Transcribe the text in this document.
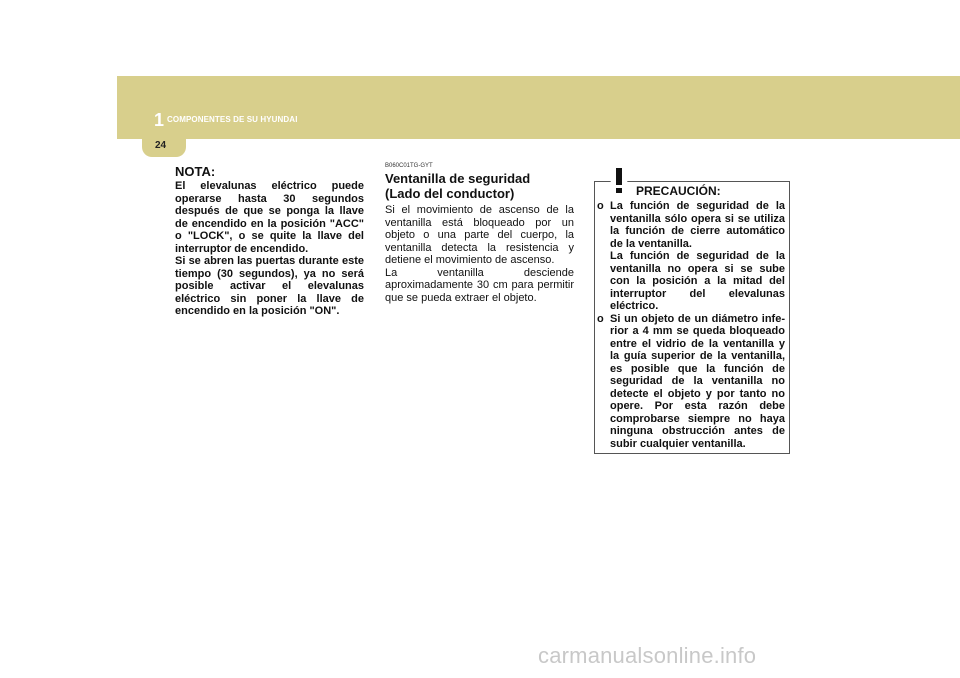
1 COMPONENTES DE SU HYUNDAI
24
NOTA:

El elevalunas eléctrico puede operarse hasta 30 segundos después de que se ponga la llave de encendido en la posición "ACC" o "LOCK", o se quite la llave del interruptor de encendido.

Si se abren las puertas durante este tiempo (30 segundos), ya no será posible activar el elevalunas eléctrico sin poner la llave de encendido en la posición "ON".

B060C01TG-GYT
Ventanilla de seguridad
(Lado del conductor)

Si el movimiento de ascenso de la ventanilla está bloqueado por un objeto o una parte del cuerpo, la ventanilla detecta la resistencia y detiene el movimiento de ascenso.
La ventanilla desciende aproximadamente 30 cm para permitir que se pueda extraer el objeto.

PRECAUCIÓN:
o La función de seguridad de la ventanilla sólo opera si se utiliza la función de cierre automático de la ventanilla.
La función de seguridad de la ventanilla no opera si se sube con la posición a la mitad del interruptor del elevalunas eléctrico.
o Si un objeto de un diámetro infe-rior a 4 mm se queda bloqueado entre el vidrio de la ventanilla y la guía superior de la ventanilla, es posible que la función de seguridad de la ventanilla no detecte el objeto y por tanto no opere. Por esta razón debe comprobarse siempre no haya ninguna obstrucción antes de subir cualquier ventanilla.
carmanualsonline.info
